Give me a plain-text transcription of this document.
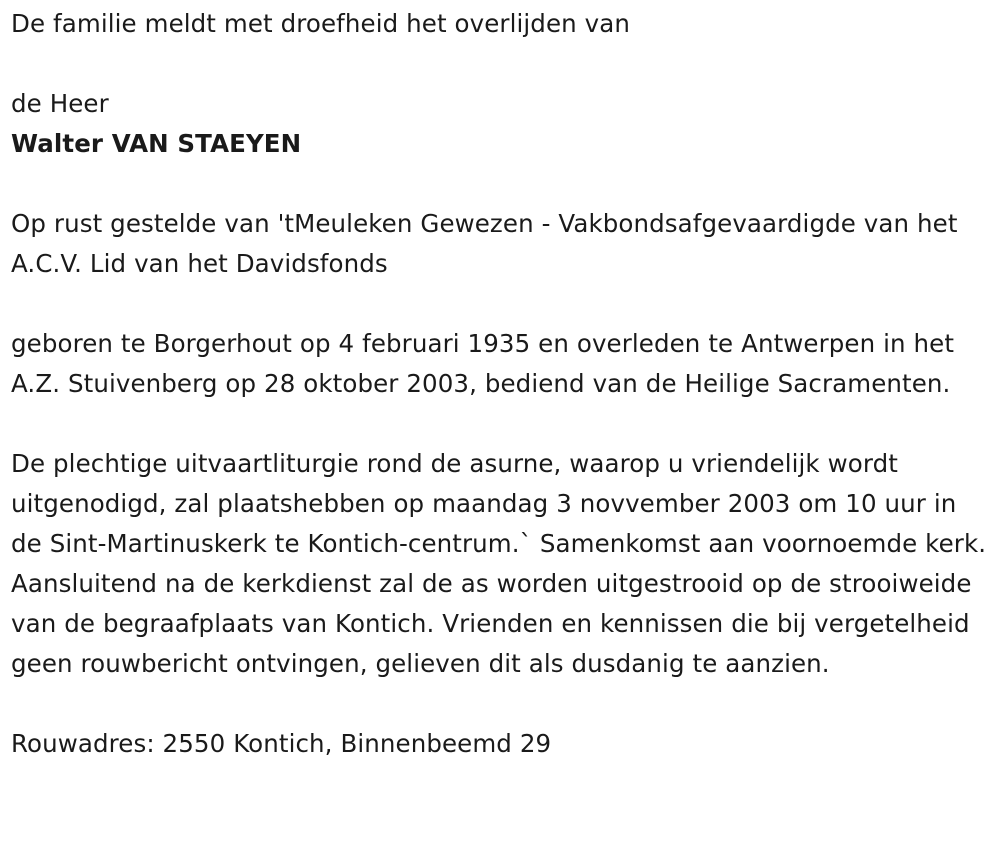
De familie meldt met droefheid het overlijden van

de Heer

Walter VAN STAEYEN

Op rust gestelde van 'tMeuleken Gewezen - Vakbondsafgevaardigde van het A.C.V. Lid van het Davidsfonds

geboren te Borgerhout op 4 februari 1935 en overleden te Antwerpen in het A.Z. Stuivenberg op 28 oktober 2003, bediend van de Heilige Sacramenten.

De plechtige uitvaartliturgie rond de asurne, waarop u vriendelijk wordt uitgenodigd, zal plaatshebben op maandag 3 novvember 2003 om 10 uur in de Sint-Martinuskerk te Kontich-centrum.` Samenkomst aan voornoemde kerk. Aansluitend na de kerkdienst zal de as worden uitgestrooid op de strooiweide van de begraafplaats van Kontich. Vrienden en kennissen die bij vergetelheid geen rouwbericht ontvingen, gelieven dit als dusdanig te aanzien.

Rouwadres: 2550 Kontich, Binnenbeemd 29
